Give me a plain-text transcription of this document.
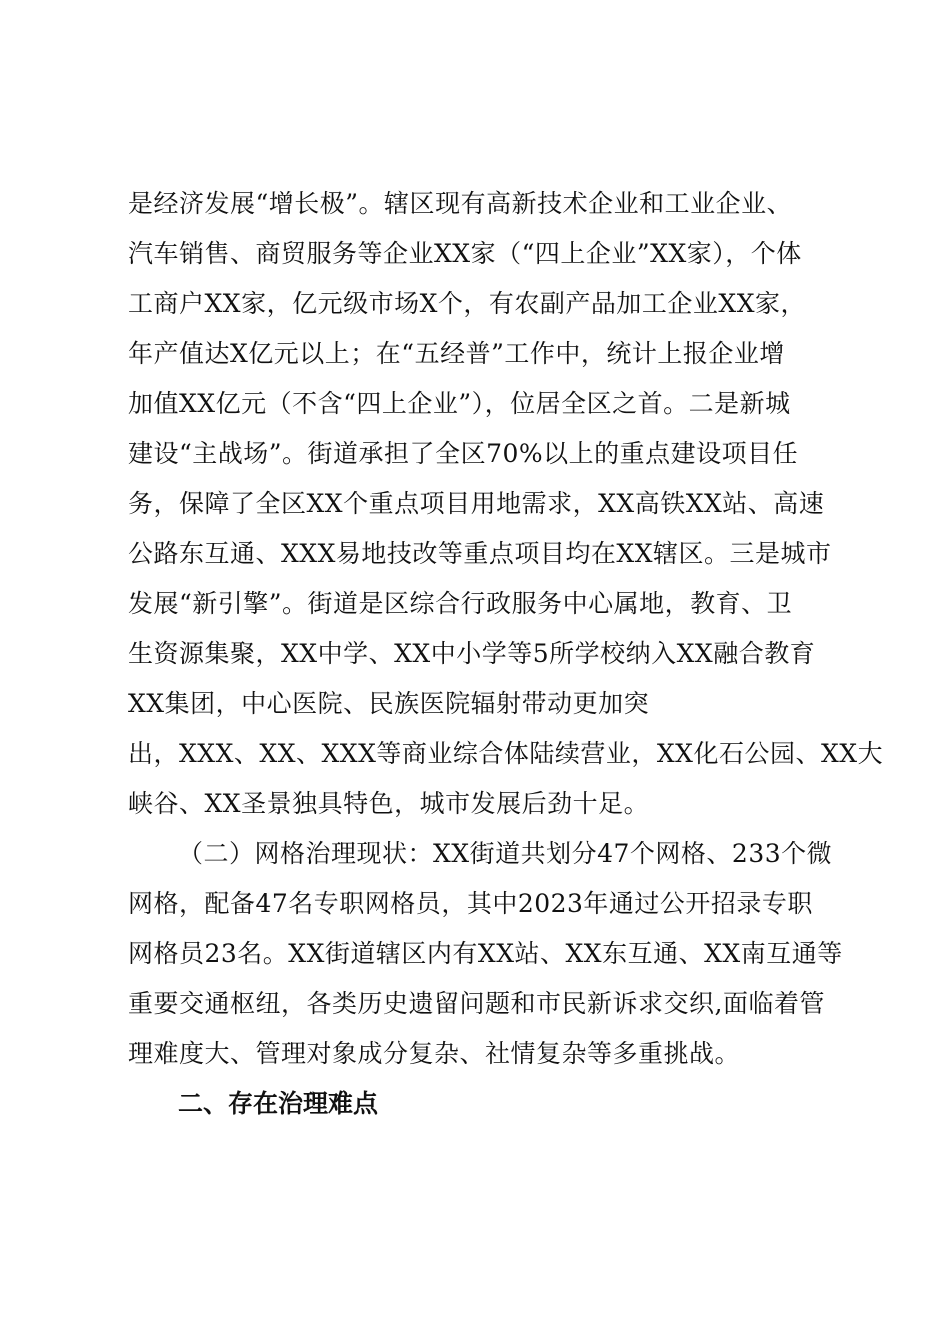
是经济发展“增长极”。辖区现有高新技术企业和工业企业、
汽车销售、商贸服务等企业XX家（“四上企业”XX家），个体
工商户XX家，亿元级市场X个，有农副产品加工企业XX家，
年产值达X亿元以上；在“五经普”工作中，统计上报企业增
加值XX亿元（不含“四上企业”），位居全区之首。二是新城
建设“主战场”。街道承担了全区70%以上的重点建设项目任
务，保障了全区XX个重点项目用地需求，XX高铁XX站、高速
公路东互通、XXX易地技改等重点项目均在XX辖区。三是城市
发展“新引擎”。街道是区综合行政服务中心属地，教育、卫
生资源集聚，XX中学、XX中小学等5所学校纳入XX融合教育
XX集团，中心医院、民族医院辐射带动更加突
出，XXX、XX、XXX等商业综合体陆续营业，XX化石公园、XX大
峡谷、XX圣景独具特色，城市发展后劲十足。
（二）网格治理现状：XX街道共划分47个网格、233个微
网格，配备47名专职网格员，其中2023年通过公开招录专职
网格员23名。XX街道辖区内有XX站、XX东互通、XX南互通等
重要交通枢纽，各类历史遗留问题和市民新诉求交织,面临着管
理难度大、管理对象成分复杂、社情复杂等多重挑战。
二、存在治理难点
